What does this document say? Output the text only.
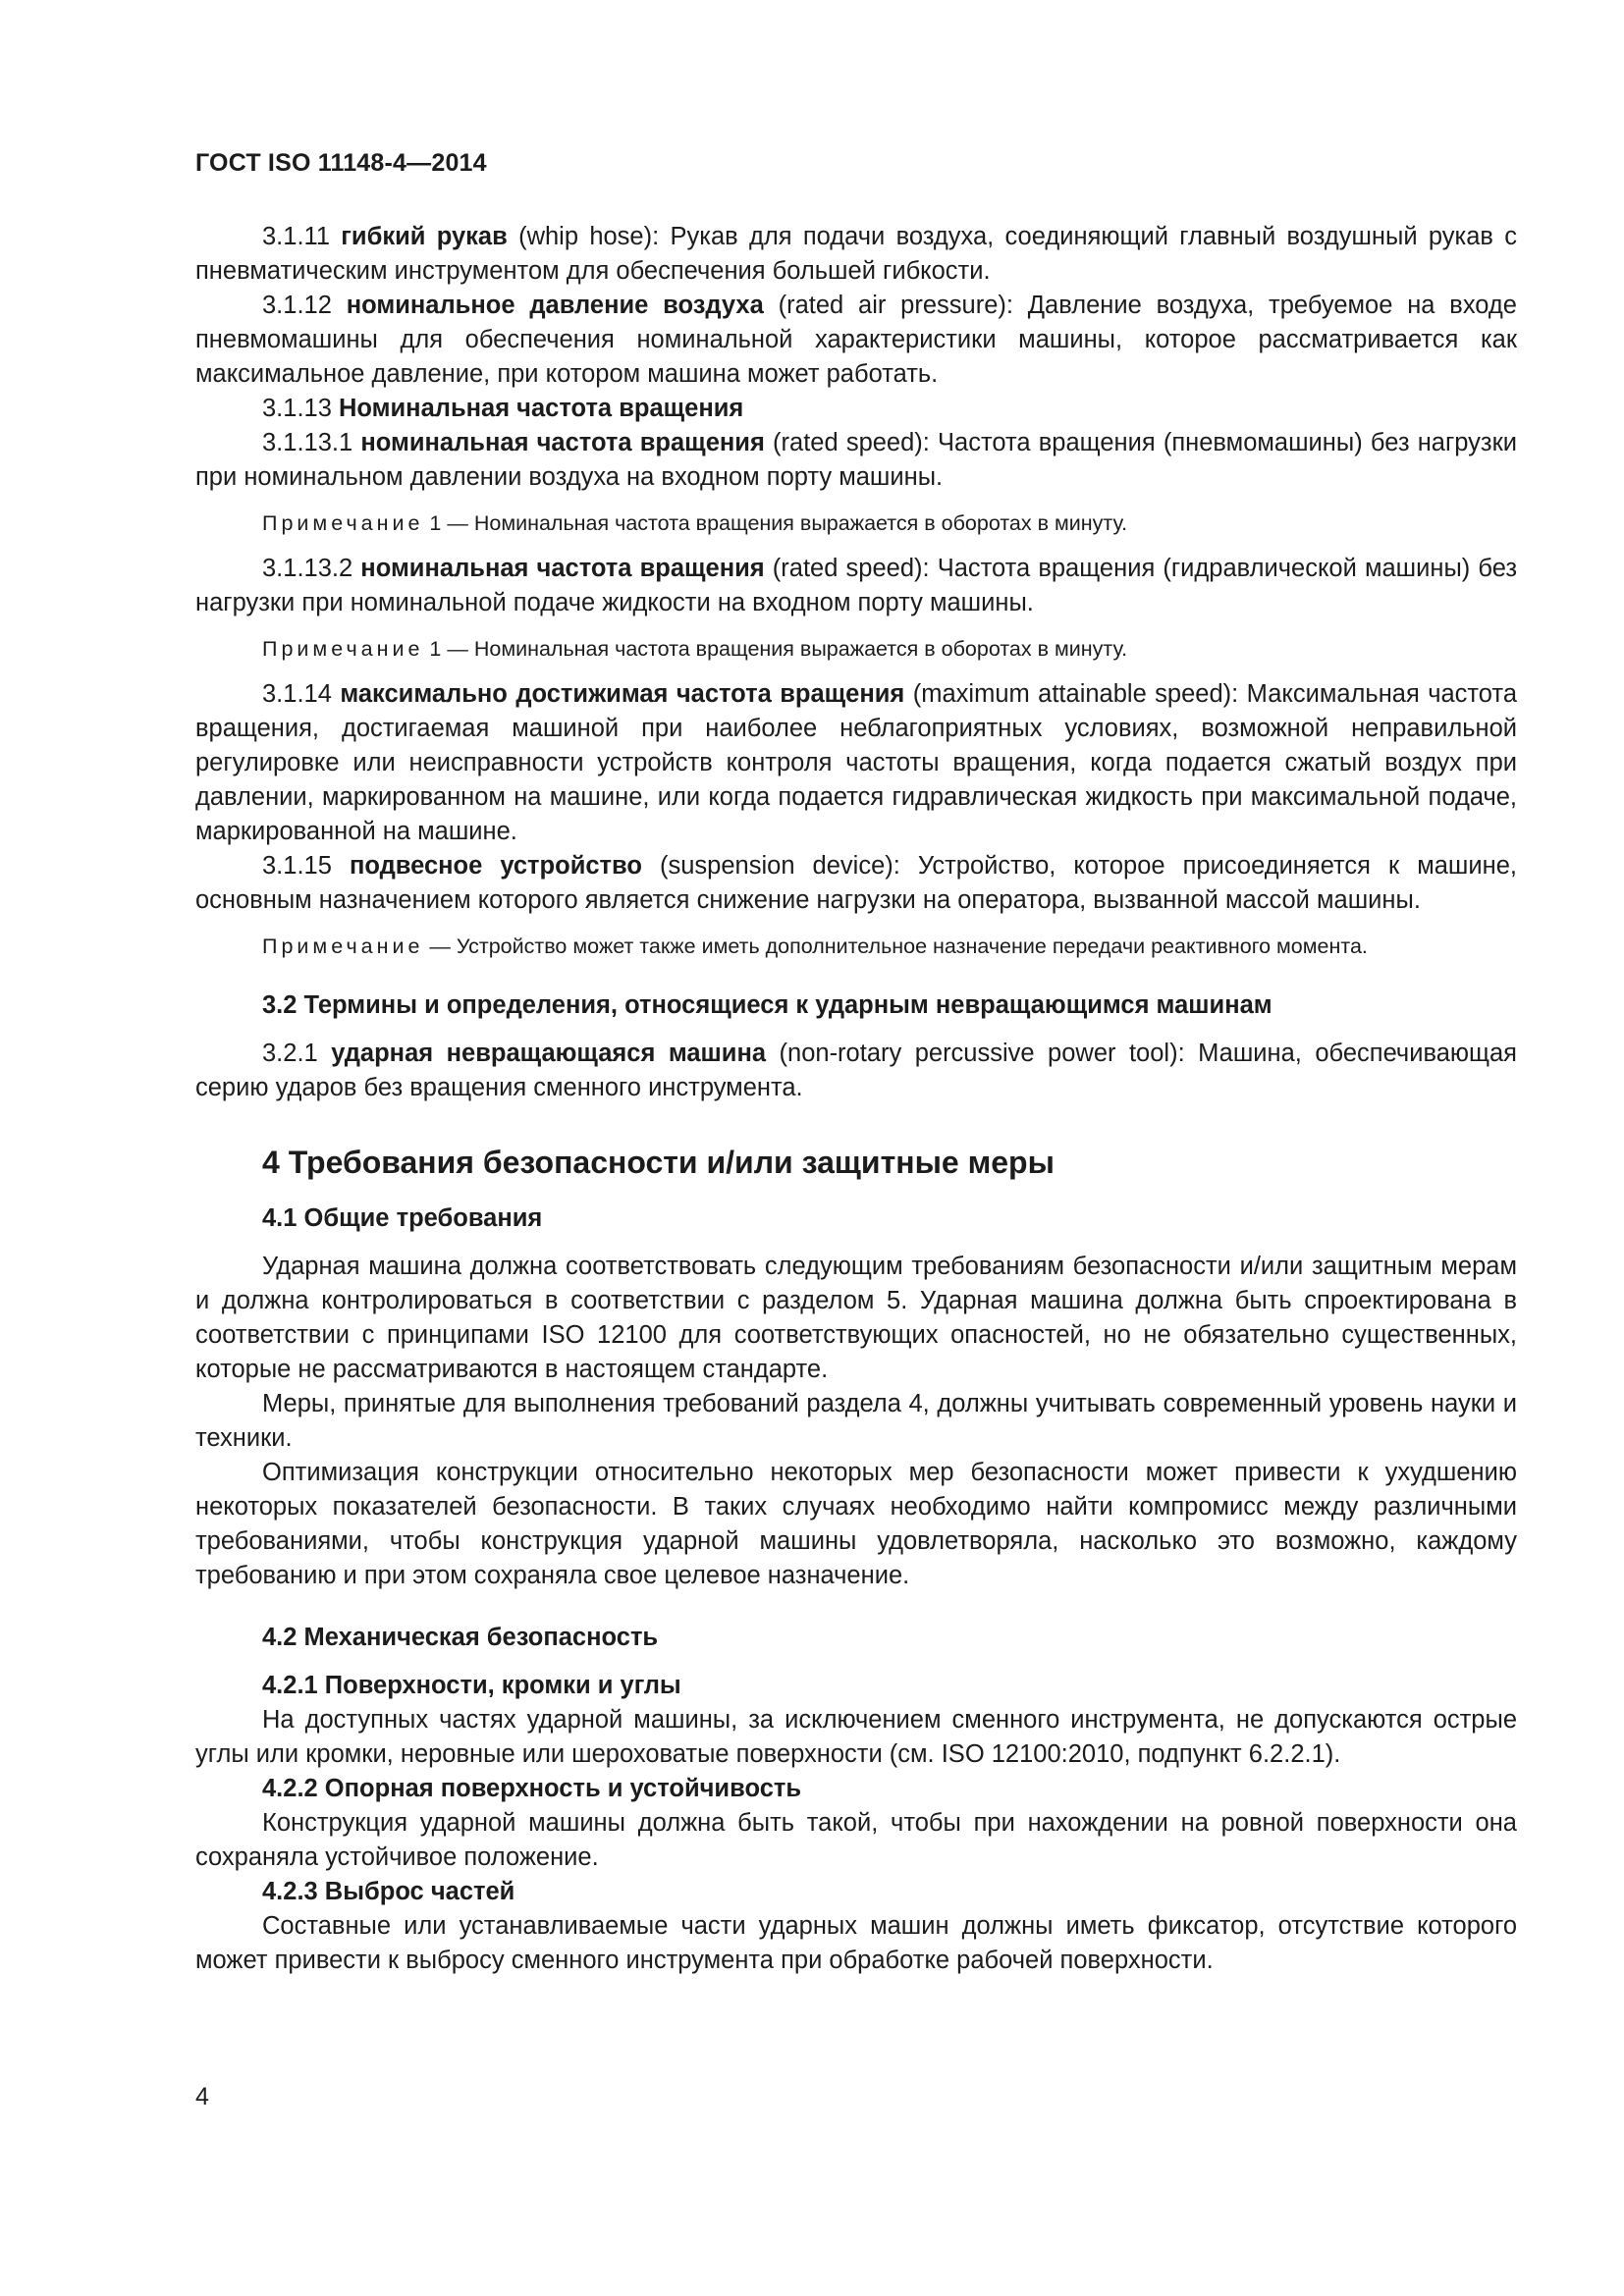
ГОСТ ISO 11148-4—2014

3.1.11 гибкий рукав (whip hose): Рукав для подачи воздуха, соединяющий главный воздушный рукав с пневматическим инструментом для обеспечения большей гибкости.

3.1.12 номинальное давление воздуха (rated air pressure): Давление воздуха, требуемое на входе пневмомашины для обеспечения номинальной характеристики машины, которое рассматривается как максимальное давление, при котором машина может работать.

3.1.13 Номинальная частота вращения

3.1.13.1 номинальная частота вращения (rated speed): Частота вращения (пневмомашины) без нагрузки при номинальном давлении воздуха на входном порту машины.

Примечание 1 — Номинальная частота вращения выражается в оборотах в минуту.

3.1.13.2 номинальная частота вращения (rated speed): Частота вращения (гидравлической машины) без нагрузки при номинальной подаче жидкости на входном порту машины.

Примечание 1 — Номинальная частота вращения выражается в оборотах в минуту.

3.1.14 максимально достижимая частота вращения (maximum attainable speed): Максимальная частота вращения, достигаемая машиной при наиболее неблагоприятных условиях, возможной неправильной регулировке или неисправности устройств контроля частоты вращения, когда подается сжатый воздух при давлении, маркированном на машине, или когда подается гидравлическая жидкость при максимальной подаче, маркированной на машине.

3.1.15 подвесное устройство (suspension device): Устройство, которое присоединяется к машине, основным назначением которого является снижение нагрузки на оператора, вызванной массой машины.

Примечание — Устройство может также иметь дополнительное назначение передачи реактивного момента.

3.2 Термины и определения, относящиеся к ударным невращающимся машинам

3.2.1 ударная невращающаяся машина (non-rotary percussive power tool): Машина, обеспечивающая серию ударов без вращения сменного инструмента.

4 Требования безопасности и/или защитные меры

4.1 Общие требования

Ударная машина должна соответствовать следующим требованиям безопасности и/или защитным мерам и должна контролироваться в соответствии с разделом 5. Ударная машина должна быть спроектирована в соответствии с принципами ISO 12100 для соответствующих опасностей, но не обязательно существенных, которые не рассматриваются в настоящем стандарте.

Меры, принятые для выполнения требований раздела 4, должны учитывать современный уровень науки и техники.

Оптимизация конструкции относительно некоторых мер безопасности может привести к ухудшению некоторых показателей безопасности. В таких случаях необходимо найти компромисс между различными требованиями, чтобы конструкция ударной машины удовлетворяла, насколько это возможно, каждому требованию и при этом сохраняла свое целевое назначение.

4.2 Механическая безопасность

4.2.1 Поверхности, кромки и углы

На доступных частях ударной машины, за исключением сменного инструмента, не допускаются острые углы или кромки, неровные или шероховатые поверхности (см. ISO 12100:2010, подпункт 6.2.2.1).

4.2.2 Опорная поверхность и устойчивость

Конструкция ударной машины должна быть такой, чтобы при нахождении на ровной поверхности она сохраняла устойчивое положение.

4.2.3 Выброс частей

Составные или устанавливаемые части ударных машин должны иметь фиксатор, отсутствие которого может привести к выбросу сменного инструмента при обработке рабочей поверхности.

4
